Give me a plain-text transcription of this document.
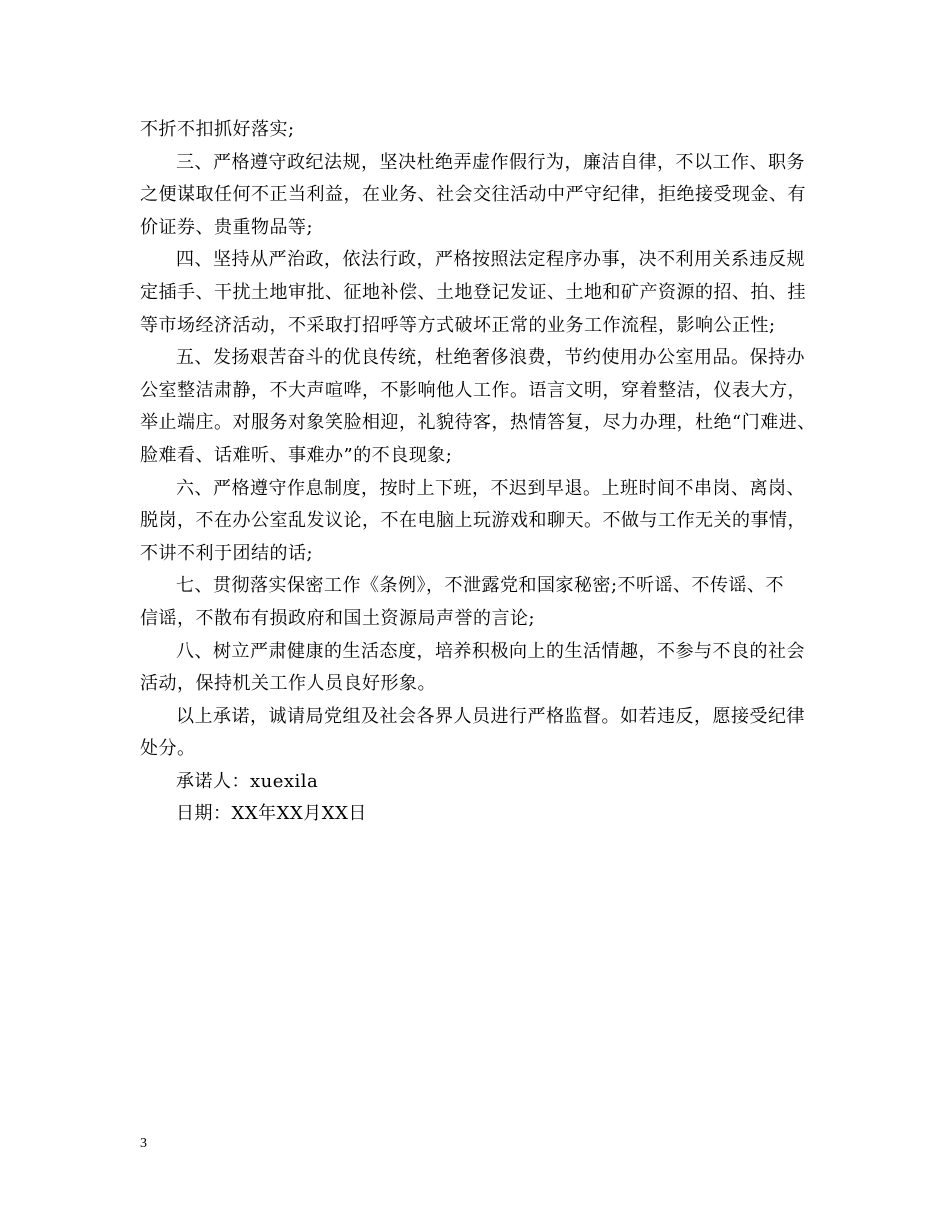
不折不扣抓好落实;
三、严格遵守政纪法规，坚决杜绝弄虚作假行为，廉洁自律，不以工作、职务
之便谋取任何不正当利益，在业务、社会交往活动中严守纪律，拒绝接受现金、有
价证券、贵重物品等;
四、坚持从严治政，依法行政，严格按照法定程序办事，决不利用关系违反规
定插手、干扰土地审批、征地补偿、土地登记发证、土地和矿产资源的招、拍、挂
等市场经济活动，不采取打招呼等方式破坏正常的业务工作流程，影响公正性;
五、发扬艰苦奋斗的优良传统，杜绝奢侈浪费，节约使用办公室用品。保持办
公室整洁肃静，不大声喧哗，不影响他人工作。语言文明，穿着整洁，仪表大方，
举止端庄。对服务对象笑脸相迎，礼貌待客，热情答复，尽力办理，杜绝“门难进、
脸难看、话难听、事难办”的不良现象;
六、严格遵守作息制度，按时上下班，不迟到早退。上班时间不串岗、离岗、
脱岗，不在办公室乱发议论，不在电脑上玩游戏和聊天。不做与工作无关的事情，
不讲不利于团结的话;
七、贯彻落实保密工作《条例》，不泄露党和国家秘密;不听谣、不传谣、不
信谣，不散布有损政府和国土资源局声誉的言论;
八、树立严肃健康的生活态度，培养积极向上的生活情趣，不参与不良的社会
活动，保持机关工作人员良好形象。
以上承诺，诚请局党组及社会各界人员进行严格监督。如若违反，愿接受纪律
处分。
承诺人：xuexila
日期：XX年XX月XX日
3
